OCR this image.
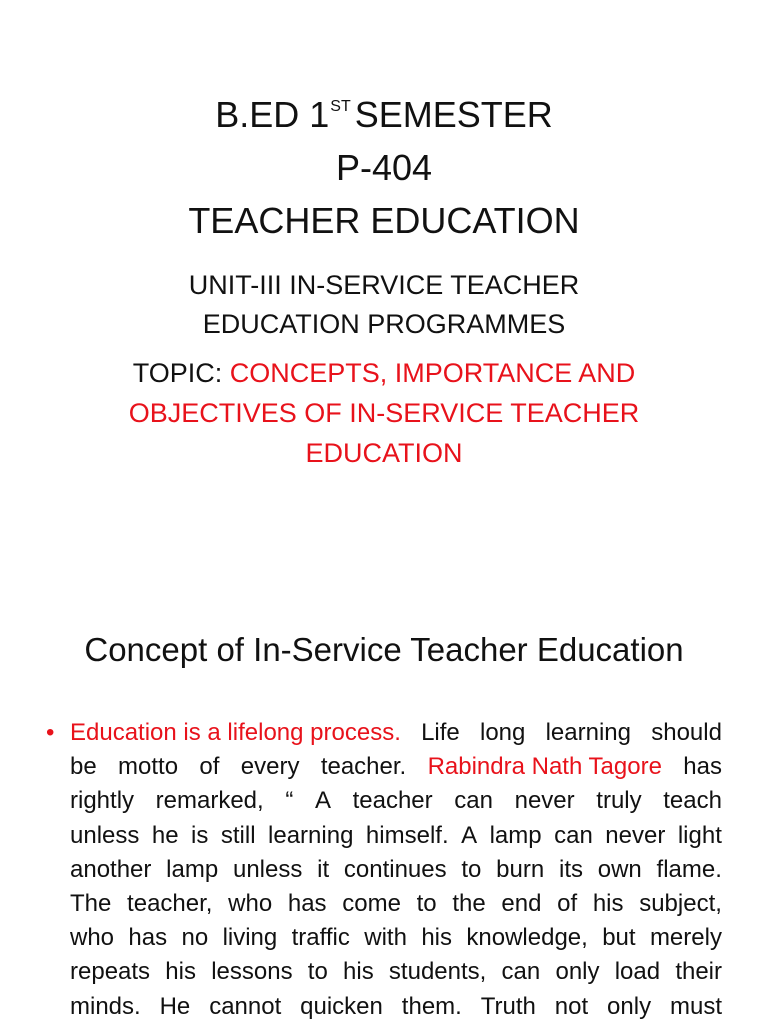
B.ED 1ST SEMESTER
P-404
TEACHER EDUCATION

UNIT-III IN-SERVICE TEACHER
EDUCATION PROGRAMMES

TOPIC: CONCEPTS, IMPORTANCE AND
OBJECTIVES OF IN-SERVICE TEACHER
EDUCATION

Concept of In-Service Teacher Education
• Education is a lifelong process. Life long learning should
be motto of every teacher. Rabindra Nath Tagore has
rightly remarked, “ A teacher can never truly teach
unless he is still learning himself. A lamp can never light
another lamp unless it continues to burn its own flame.
The teacher, who has come to the end of his subject,
who has no living traffic with his knowledge, but merely
repeats his lessons to his students, can only load their
minds. He cannot quicken them. Truth not only must
